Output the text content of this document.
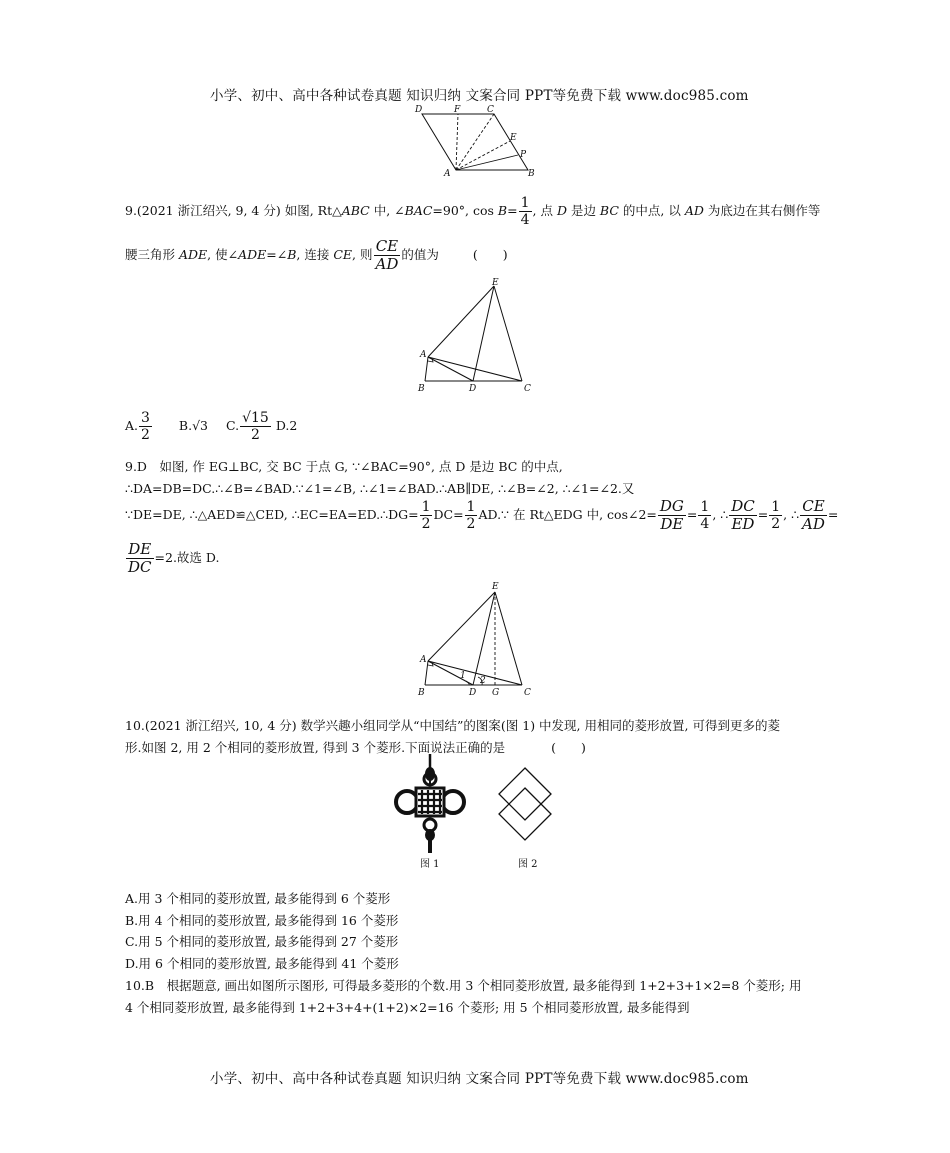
小学、初中、高中各种试卷真题 知识归纳 文案合同 PPT等免费下载 www.doc985.com
D	F	C
E
P
A	B
9.(2021 浙江绍兴, 9, 4 分) 如图, Rt△ABC 中, ∠BAC=90°, $\cos B= \frac{1}{4}$ , 点 D 是边 BC 的中点, 以 AD 为底边在其右侧作等
腰三角形 ADE, 使∠ADE=∠B, 连接 CE, 则 $\frac{CE}{AD}$ 的值为	(　　)
E
A
B	D	C
A. $\frac{3}{2} B.√3$ C. $\frac{√15}{2} D.2$
9.D　如图, 作 EG⊥BC, 交 BC 于点 G, ∵∠BAC=90°, 点 D 是边 BC 的中点,
∴DA=DB=DC.∴∠B=∠BAD.∵∠1=∠B, ∴∠1=∠BAD.∴AB∥DE, ∴∠B=∠2, ∴∠1=∠2.又
∵DE=DE, ∴△AED≌△CED, ∴EC=EA=ED.∴DG= $\frac{1}{2} DC= \frac{1}{2}$ AD.∵ 在 Rt△EDG 中, cos∠2= $\frac{DG}{DE} = \frac{1}{4}$ , ∴ $\frac{DC}{ED} = \frac{1}{2}$ , ∴ $\frac{CE}{AD}$ =
$\frac{DE}{DC} =2$.故选 D.
E
A
1 2
B	D G	C
10.(2021 浙江绍兴, 10, 4 分) 数学兴趣小组同学从“中国结”的图案(图 1) 中发现, 用相同的菱形放置, 可得到更多的菱
形.如图 2, 用 2 个相同的菱形放置, 得到 3 个菱形.下面说法正确的是	(　　)
图 1	图 2
A.用 3 个相同的菱形放置, 最多能得到 6 个菱形
B.用 4 个相同的菱形放置, 最多能得到 16 个菱形
C.用 5 个相同的菱形放置, 最多能得到 27 个菱形
D.用 6 个相同的菱形放置, 最多能得到 41 个菱形
10.B　根据题意, 画出如图所示图形, 可得最多菱形的个数.用 3 个相同菱形放置, 最多能得到 1+2+3+1×2=8 个菱形; 用
4 个相同菱形放置, 最多能得到 1+2+3+4+(1+2)×2=16 个菱形; 用 5 个相同菱形放置, 最多能得到
小学、初中、高中各种试卷真题 知识归纳 文案合同 PPT等免费下载 www.doc985.com
